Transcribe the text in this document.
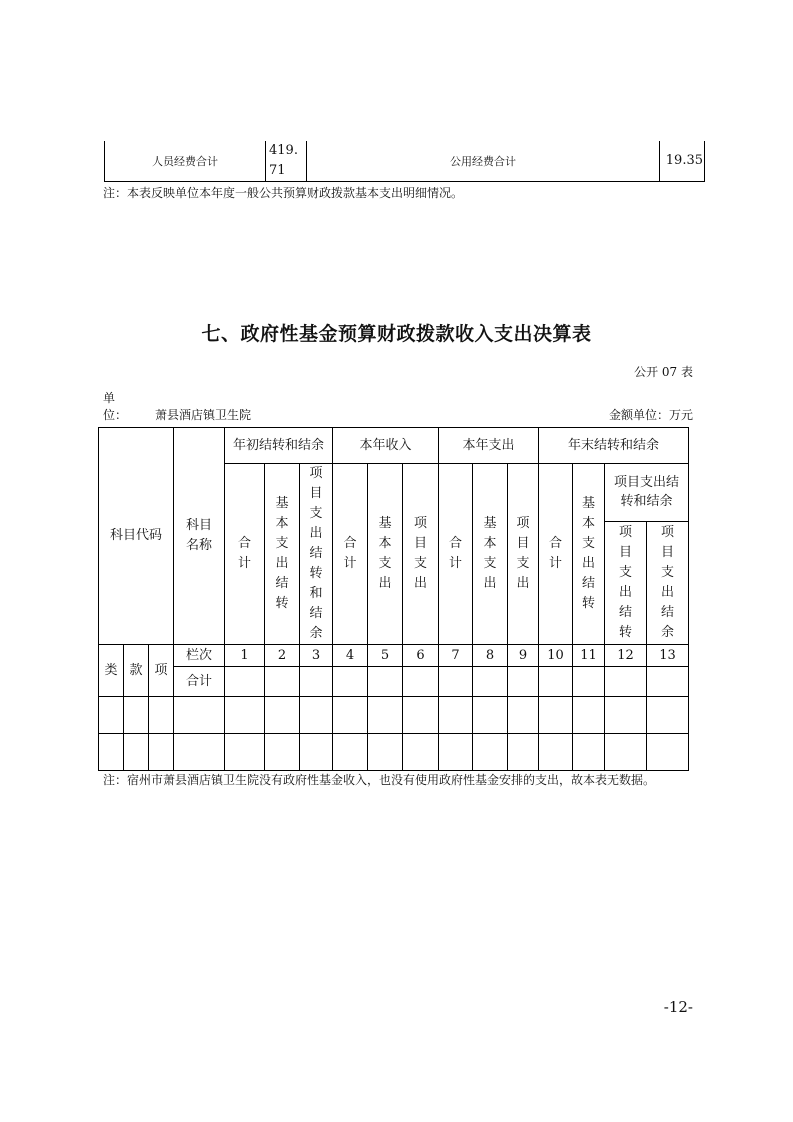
人员经费合计	419.71	公用经费合计	19.35
注：本表反映单位本年度一般公共预算财政拨款基本支出明细情况。
七、政府性基金预算财政拨款收入支出决算表
公开 07 表
单
位： 萧县酒店镇卫生院	金额单位：万元
科目代码			科目名称	年初结转和结余			本年收入			本年支出			年末结转和结余			
				合计	基本支出结转	项目支出结转和结余	合计	基本支出	项目支出	合计	基本支出	项目支出	合计	基本支出结转	项目支出结转和结余	
															项目支出结转	项目支出结余
类	款	项	栏次	1	2	3	4	5	6	7	8	9	10	11	12	13
			合计													

注：宿州市萧县酒店镇卫生院没有政府性基金收入，也没有使用政府性基金安排的支出，故本表无数据。
-12-
